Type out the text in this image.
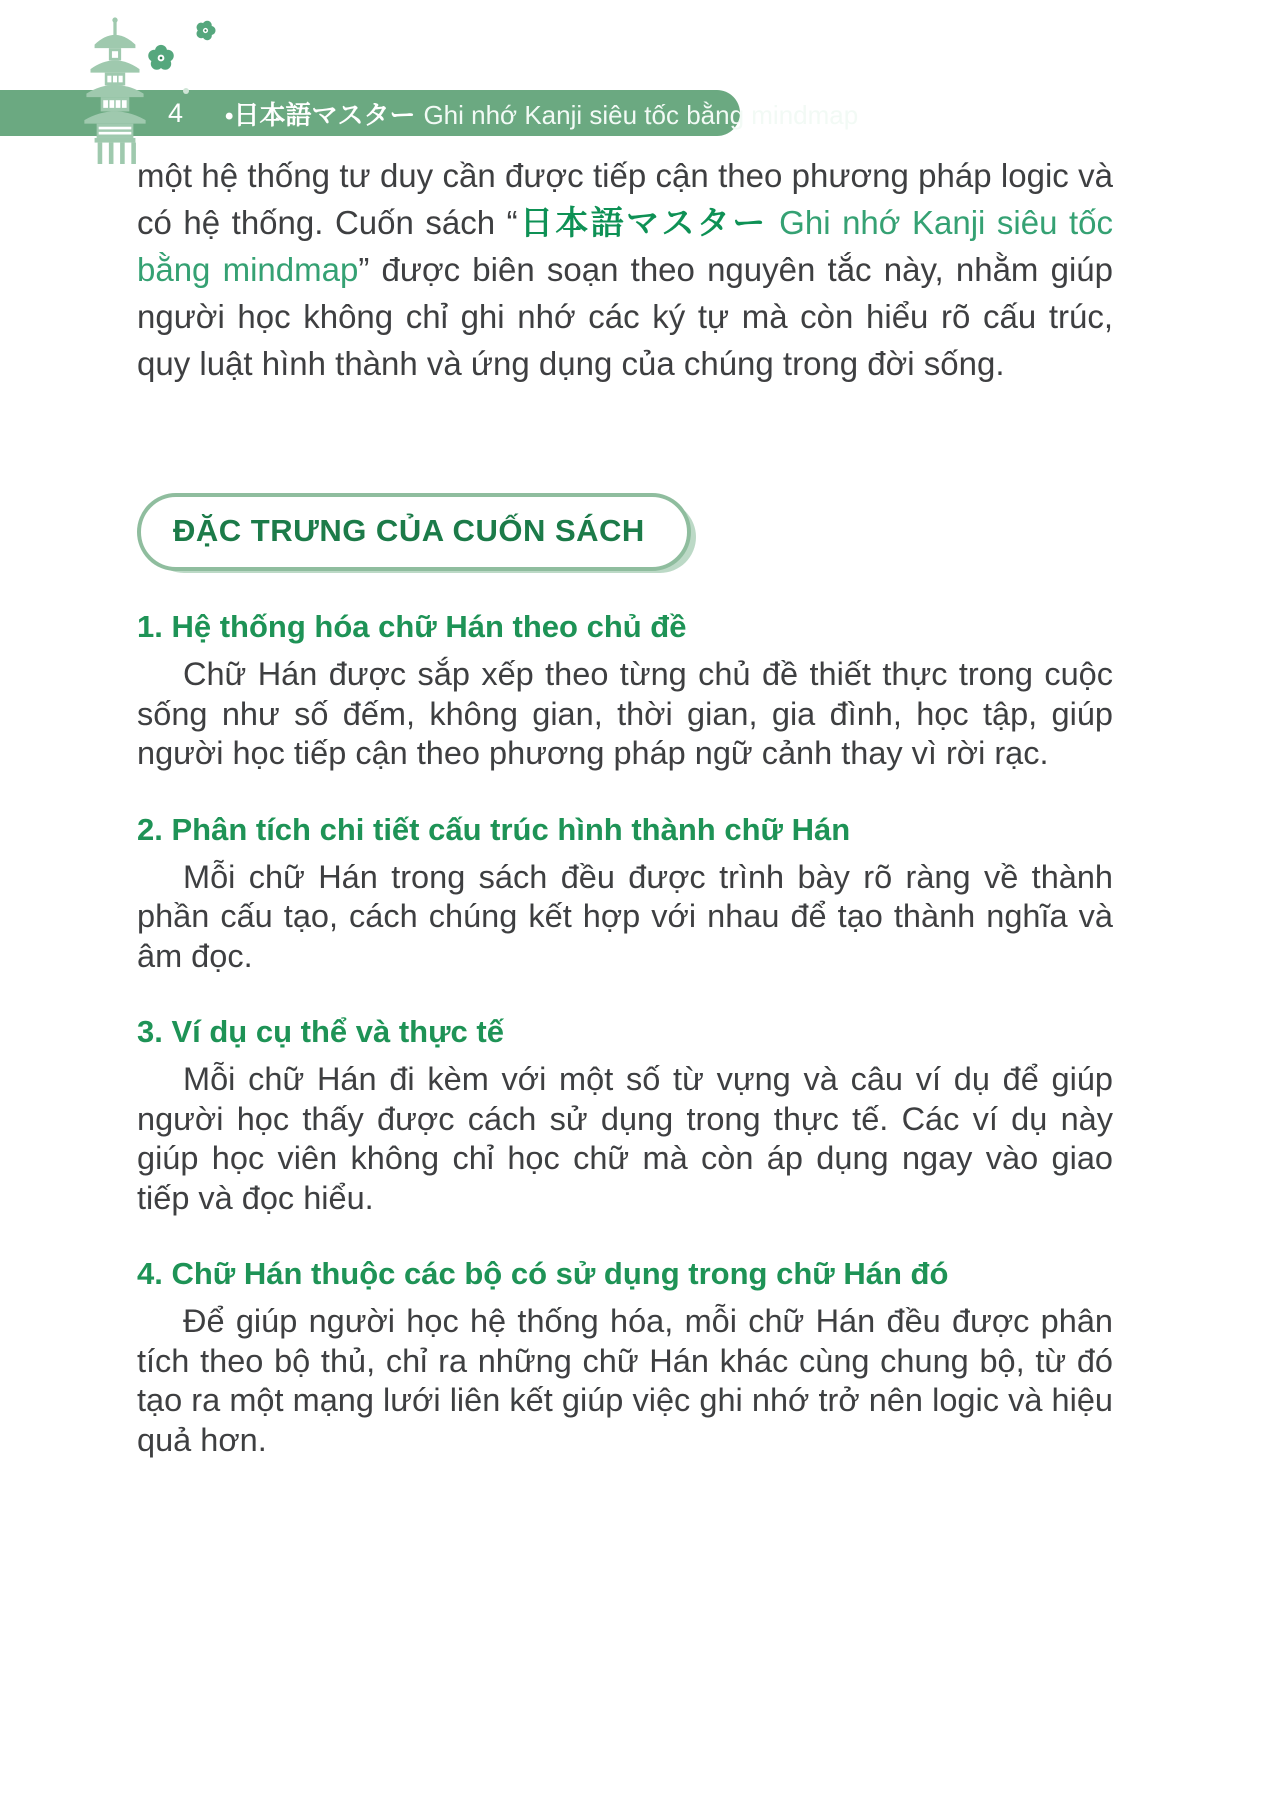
4 •日本語マスター Ghi nhớ Kanji siêu tốc bằng mindmap

một hệ thống tư duy cần được tiếp cận theo phương pháp logic và có hệ thống. Cuốn sách “日本語マスター Ghi nhớ Kanji siêu tốc bằng mindmap” được biên soạn theo nguyên tắc này, nhằm giúp người học không chỉ ghi nhớ các ký tự mà còn hiểu rõ cấu trúc, quy luật hình thành và ứng dụng của chúng trong đời sống.

ĐẶC TRƯNG CỦA CUỐN SÁCH
1. Hệ thống hóa chữ Hán theo chủ đề

Chữ Hán được sắp xếp theo từng chủ đề thiết thực trong cuộc sống như số đếm, không gian, thời gian, gia đình, học tập, giúp người học tiếp cận theo phương pháp ngữ cảnh thay vì rời rạc.

2. Phân tích chi tiết cấu trúc hình thành chữ Hán

Mỗi chữ Hán trong sách đều được trình bày rõ ràng về thành phần cấu tạo, cách chúng kết hợp với nhau để tạo thành nghĩa và âm đọc.

3. Ví dụ cụ thể và thực tế

Mỗi chữ Hán đi kèm với một số từ vựng và câu ví dụ để giúp người học thấy được cách sử dụng trong thực tế. Các ví dụ này giúp học viên không chỉ học chữ mà còn áp dụng ngay vào giao tiếp và đọc hiểu.

4. Chữ Hán thuộc các bộ có sử dụng trong chữ Hán đó

Để giúp người học hệ thống hóa, mỗi chữ Hán đều được phân tích theo bộ thủ, chỉ ra những chữ Hán khác cùng chung bộ, từ đó tạo ra một mạng lưới liên kết giúp việc ghi nhớ trở nên logic và hiệu quả hơn.
